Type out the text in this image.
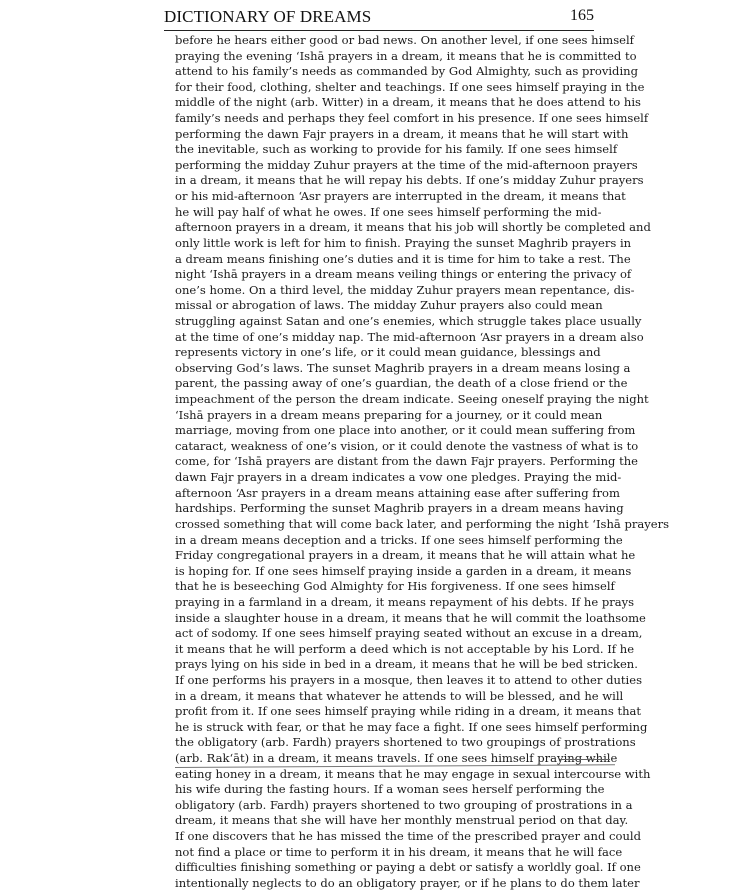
DICTIONARY OF DREAMS	165
before he hears either good or bad news. On another level, if one sees himself
praying the evening ‘Ishā prayers in a dream, it means that he is committed to
attend to his family’s needs as commanded by God Almighty, such as providing
for their food, clothing, shelter and teachings. If one sees himself praying in the
middle of the night (arb. Witter) in a dream, it means that he does attend to his
family’s needs and perhaps they feel comfort in his presence. If one sees himself
performing the dawn Fajr prayers in a dream, it means that he will start with
the inevitable, such as working to provide for his family. If one sees himself
performing the midday Zuhur prayers at the time of the mid-afternoon prayers
in a dream, it means that he will repay his debts. If one’s midday Zuhur prayers
or his mid-afternoon ‘Asr prayers are interrupted in the dream, it means that
he will pay half of what he owes. If one sees himself performing the mid-
afternoon prayers in a dream, it means that his job will shortly be completed and
only little work is left for him to finish. Praying the sunset Maghrib prayers in
a dream means finishing one’s duties and it is time for him to take a rest. The
night ‘Ishā prayers in a dream means veiling things or entering the privacy of
one’s home. On a third level, the midday Zuhur prayers mean repentance, dis-
missal or abrogation of laws. The midday Zuhur prayers also could mean
struggling against Satan and one’s enemies, which struggle takes place usually
at the time of one’s midday nap. The mid-afternoon ‘Asr prayers in a dream also
represents victory in one’s life, or it could mean guidance, blessings and
observing God’s laws. The sunset Maghrib prayers in a dream means losing a
parent, the passing away of one’s guardian, the death of a close friend or the
impeachment of the person the dream indicate. Seeing oneself praying the night
‘Ishā prayers in a dream means preparing for a journey, or it could mean
marriage, moving from one place into another, or it could mean suffering from
cataract, weakness of one’s vision, or it could denote the vastness of what is to
come, for ‘Ishā prayers are distant from the dawn Fajr prayers. Performing the
dawn Fajr prayers in a dream indicates a vow one pledges. Praying the mid-
afternoon ‘Asr prayers in a dream means attaining ease after suffering from
hardships. Performing the sunset Maghrib prayers in a dream means having
crossed something that will come back later, and performing the night ‘Ishā prayers
in a dream means deception and a tricks. If one sees himself performing the
Friday congregational prayers in a dream, it means that he will attain what he
is hoping for. If one sees himself praying inside a garden in a dream, it means
that he is beseeching God Almighty for His forgiveness. If one sees himself
praying in a farmland in a dream, it means repayment of his debts. If he prays
inside a slaughter house in a dream, it means that he will commit the loathsome
act of sodomy. If one sees himself praying seated without an excuse in a dream,
it means that he will perform a deed which is not acceptable by his Lord. If he
prays lying on his side in bed in a dream, it means that he will be bed stricken.
If one performs his prayers in a mosque, then leaves it to attend to other duties
in a dream, it means that whatever he attends to will be blessed, and he will
profit from it. If one sees himself praying while riding in a dream, it means that
he is struck with fear, or that he may face a fight. If one sees himself performing
the obligatory (arb. Fardh) prayers shortened to two groupings of prostrations
(arb. Rak‘āt) in a dream, it means travels. If one sees himself praying while
eating honey in a dream, it means that he may engage in sexual intercourse with
his wife during the fasting hours. If a woman sees herself performing the
obligatory (arb. Fardh) prayers shortened to two grouping of prostrations in a
dream, it means that she will have her monthly menstrual period on that day.
If one discovers that he has missed the time of the prescribed prayer and could
not find a place or time to perform it in his dream, it means that he will face
difficulties finishing something or paying a debt or satisfy a worldly goal. If one
intentionally neglects to do an obligatory prayer, or if he plans to do them later
